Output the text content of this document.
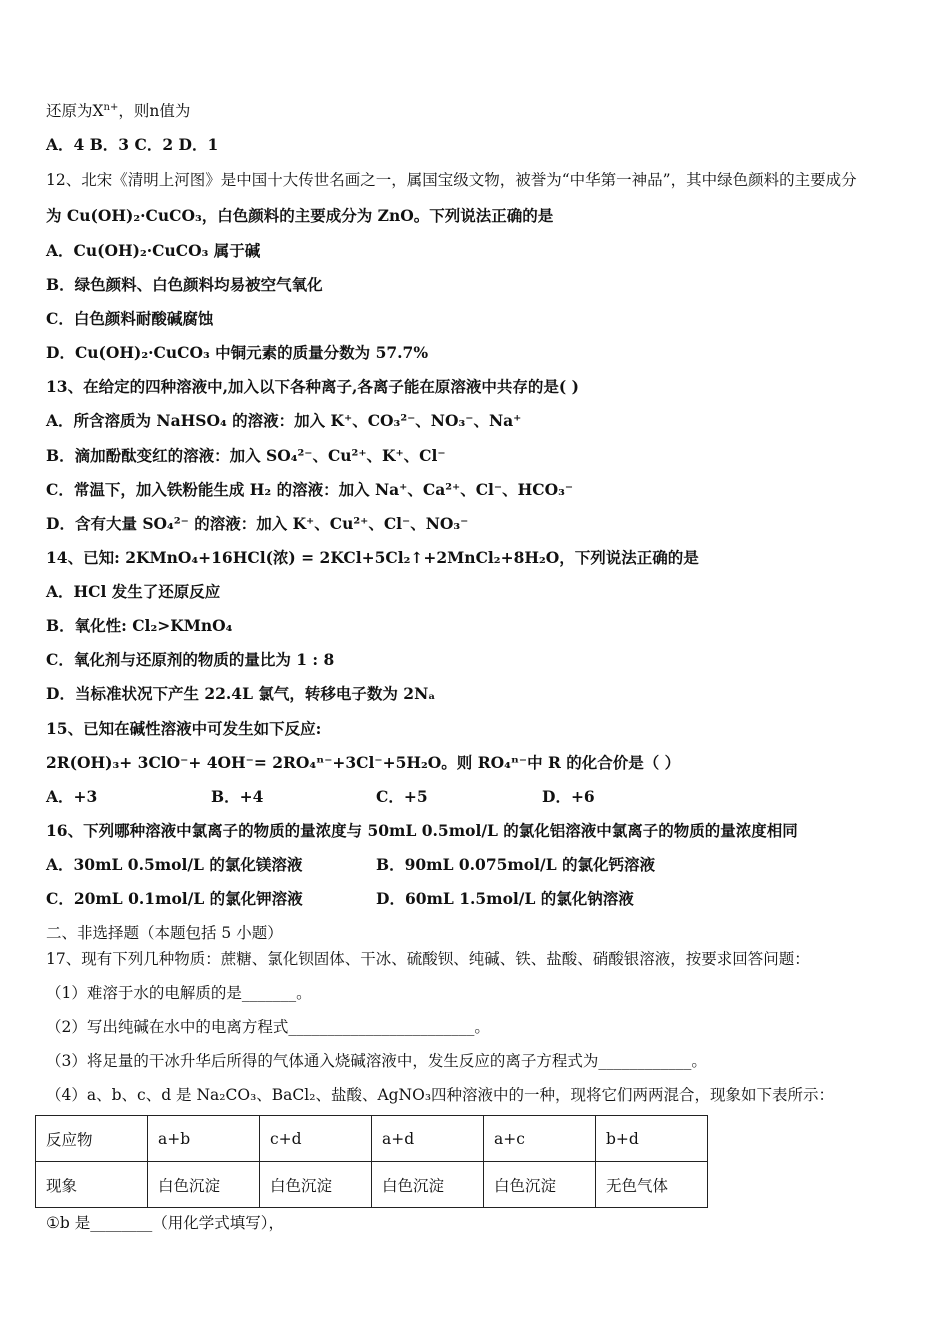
还原为$X^{n+}$，则n值为
A．4 B．3 C．2 D．1
12、北宋《清明上河图》是中国十大传世名画之一，属国宝级文物，被誉为“中华第一神品”，其中绿色颜料的主要成分
为 Cu(OH)₂·CuCO₃，白色颜料的主要成分为 ZnO。下列说法正确的是
A．Cu(OH)₂·CuCO₃ 属于碱
B．绿色颜料、白色颜料均易被空气氧化
C．白色颜料耐酸碱腐蚀
D．Cu(OH)₂·CuCO₃ 中铜元素的质量分数为 57.7%
13、在给定的四种溶液中,加入以下各种离子,各离子能在原溶液中共存的是( )
A．所含溶质为 NaHSO₄ 的溶液：加入 K⁺、CO₃²⁻、NO₃⁻、Na⁺
B．滴加酚酞变红的溶液：加入 SO₄²⁻、Cu²⁺、K⁺、Cl⁻
C．常温下，加入铁粉能生成 H₂ 的溶液：加入 Na⁺、Ca²⁺、Cl⁻、HCO₃⁻
D．含有大量 SO₄²⁻ 的溶液：加入 K⁺、Cu²⁺、Cl⁻、NO₃⁻
14、已知: 2KMnO₄+16HCl(浓) = 2KCl+5Cl₂↑+2MnCl₂+8H₂O，下列说法正确的是
A．HCl 发生了还原反应
B．氧化性: Cl₂>KMnO₄
C．氧化剂与还原剂的物质的量比为 1 : 8
D．当标准状况下产生 22.4L 氯气，转移电子数为 2Nₐ
15、已知在碱性溶液中可发生如下反应:
2R(OH)₃+ 3ClO⁻+ 4OH⁻= 2RO₄ⁿ⁻+3Cl⁻+5H₂O。则 RO₄ⁿ⁻中 R 的化合价是（ ）
A．+3	B．+4	C．+5	D．+6
16、下列哪种溶液中氯离子的物质的量浓度与 50mL 0.5mol/L 的氯化铝溶液中氯离子的物质的量浓度相同
A．30mL 0.5mol/L 的氯化镁溶液	B．90mL 0.075mol/L 的氯化钙溶液
C．20mL 0.1mol/L 的氯化钾溶液	D．60mL 1.5mol/L 的氯化钠溶液
二、非选择题（本题包括 5 小题）
17、现有下列几种物质：蔗糖、氯化钡固体、干冰、硫酸钡、纯碱、铁、盐酸、硝酸银溶液，按要求回答问题：
（1）难溶于水的电解质的是_______。
（2）写出纯碱在水中的电离方程式________________________。
（3）将足量的干冰升华后所得的气体通入烧碱溶液中，发生反应的离子方程式为____________。
（4）a、b、c、d 是 Na₂CO₃、BaCl₂、盐酸、AgNO₃四种溶液中的一种，现将它们两两混合，现象如下表所示：
反应物	a+b	c+d	a+d	a+c	b+d
现象	白色沉淀	白色沉淀	白色沉淀	白色沉淀	无色气体
①b 是________（用化学式填写），
